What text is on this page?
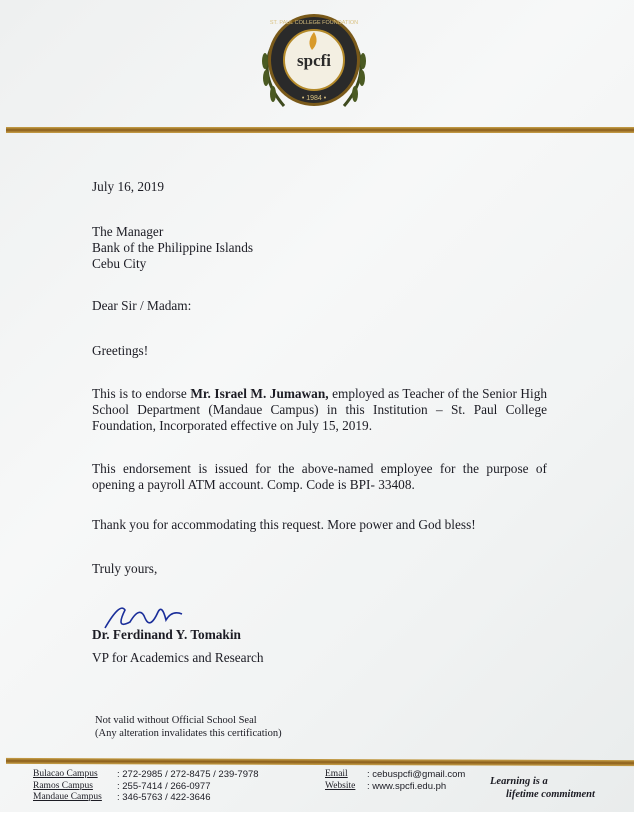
spcfi
• 1984 •
ST. PAUL COLLEGE FOUNDATION
July 16, 2019
The Manager
Bank of the Philippine Islands
Cebu City
Dear Sir / Madam:
Greetings!
This is to endorse Mr. Israel M. Jumawan, employed as Teacher of the Senior High School Department (Mandaue Campus) in this Institution – St. Paul College Foundation, Incorporated effective on July 15, 2019.
This endorsement is issued for the above-named employee for the purpose of opening a payroll ATM account. Comp. Code is BPI- 33408.
Thank you for accommodating this request. More power and God bless!
Truly yours,
Dr. Ferdinand Y. Tomakin
VP for Academics and Research
Not valid without Official School Seal
(Any alteration invalidates this certification)
Bulacao Campus
Ramos Campus
Mandaue Campus
: 272-2985 / 272-8475 / 239-7978
: 255-7414 / 266-0977
: 346-5763 / 422-3646
Email
Website
: cebuspcfi@gmail.com
: www.spcfi.edu.ph	Learning is a
lifetime commitment
